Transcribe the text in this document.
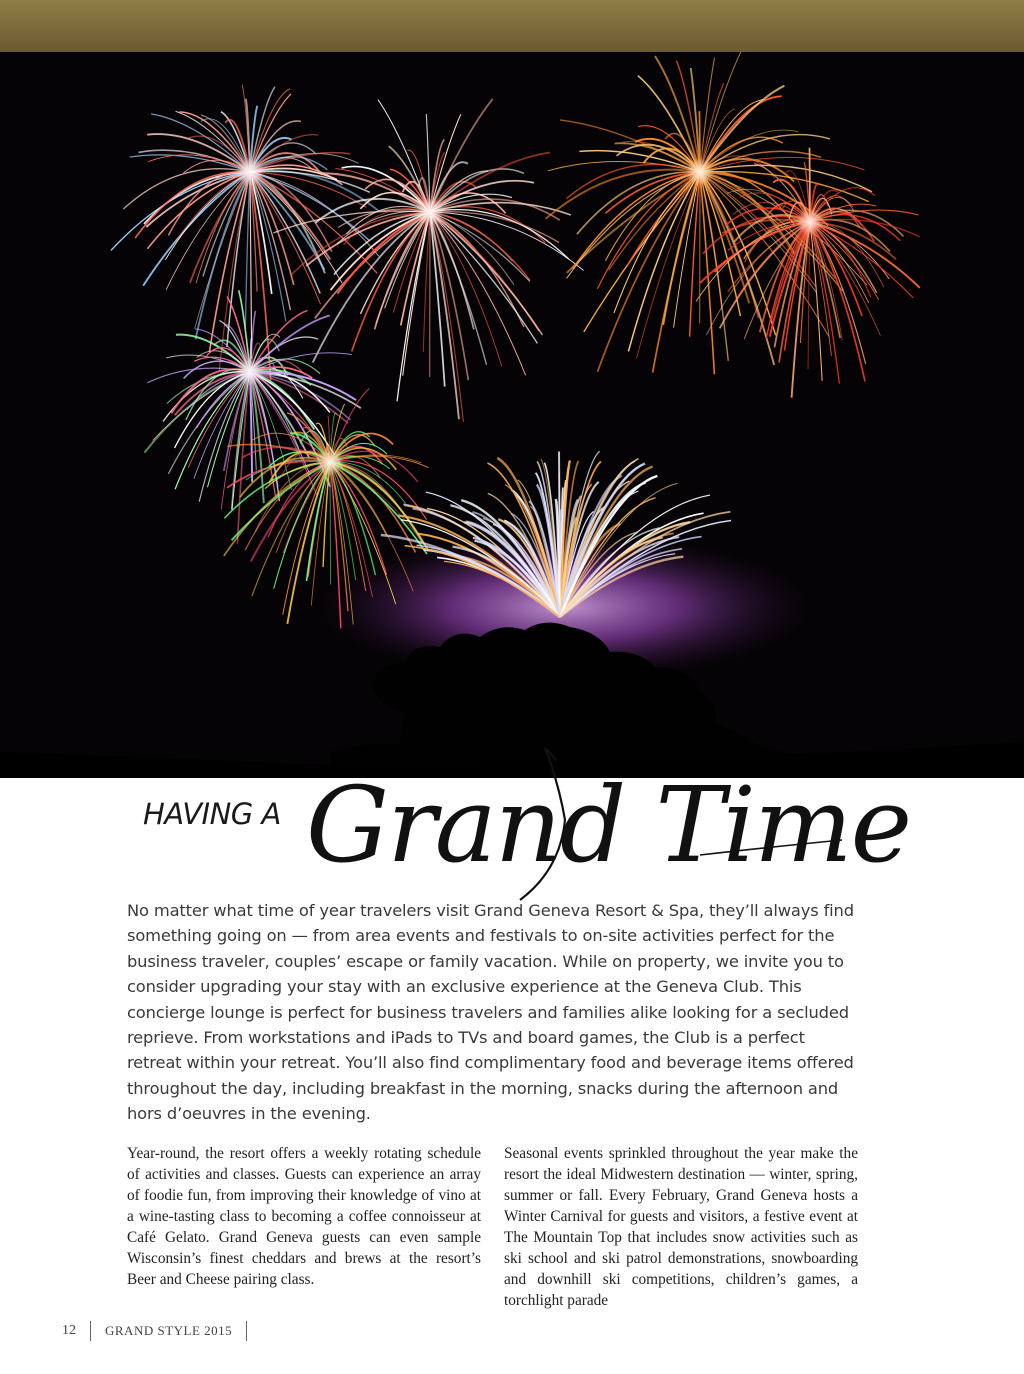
HAVING A Grand Time

No matter what time of year travelers visit Grand Geneva Resort & Spa, they’ll always find something going on — from area events and festivals to on-site activities perfect for the business traveler, couples’ escape or family vacation. While on property, we invite you to consider upgrading your stay with an exclusive experience at the Geneva Club. This concierge lounge is perfect for business travelers and families alike looking for a secluded reprieve. From workstations and iPads to TVs and board games, the Club is a perfect retreat within your retreat. You’ll also find complimentary food and beverage items offered throughout the day, including breakfast in the morning, snacks during the afternoon and hors d’oeuvres in the evening.

Year-round, the resort offers a weekly rotating schedule of activities and classes. Guests can experience an array of foodie fun, from improving their knowledge of vino at a wine-tasting class to becoming a coffee connoisseur at Café Gelato. Grand Geneva guests can even sample Wisconsin’s finest cheddars and brews at the resort’s Beer and Cheese pairing class.

Seasonal events sprinkled throughout the year make the resort the ideal Midwestern destination — winter, spring, summer or fall. Every February, Grand Geneva hosts a Winter Carnival for guests and visitors, a festive event at The Mountain Top that includes snow activities such as ski school and ski patrol demonstrations, snowboarding and downhill ski competitions, children’s games, a torchlight parade

12 GRAND STYLE 2015
